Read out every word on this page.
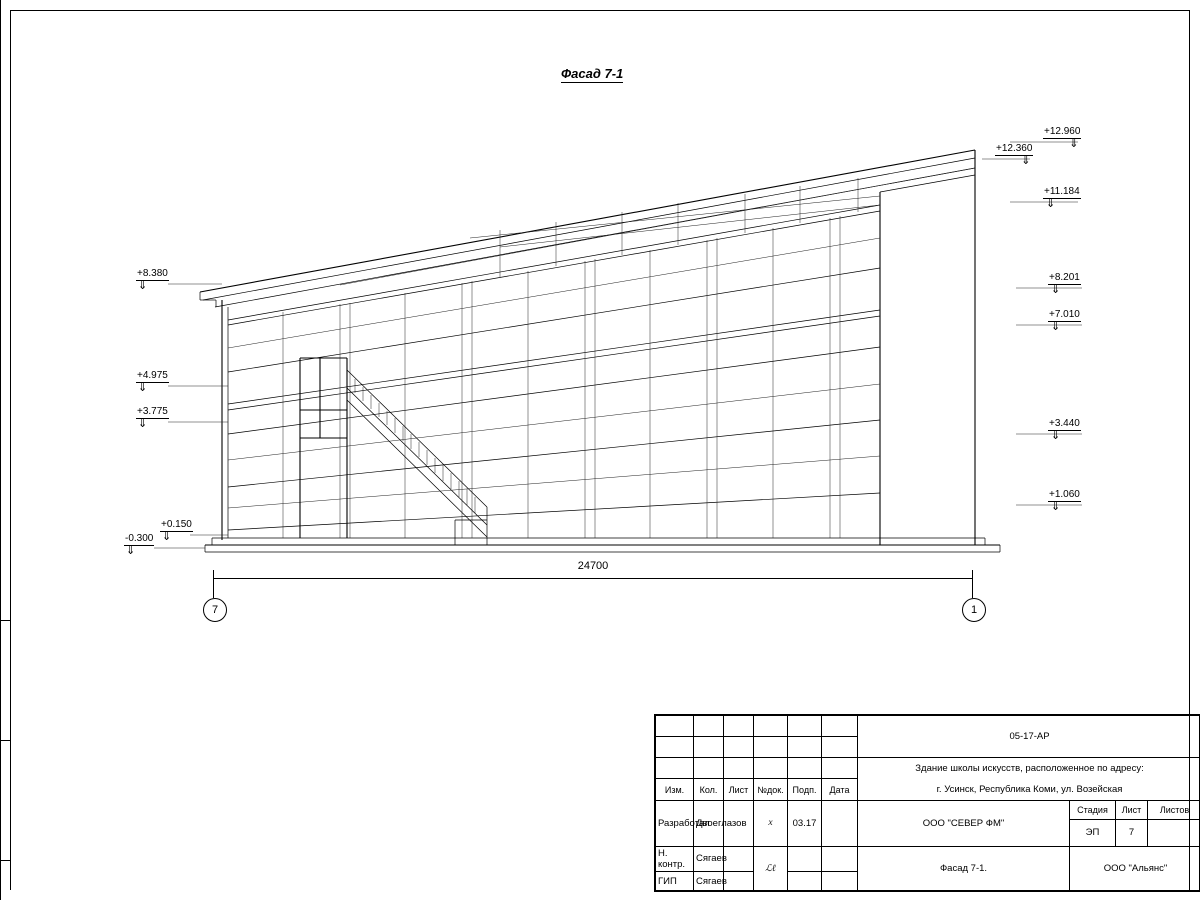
Фасад 7-1
+8.380
⇓
+4.975
⇓
+3.775
⇓
+0.150
⇓
-0.300
⇓
+12.960
⇓
+12.360
⇓
+11.184
⇓
+8.201
⇓
+7.010
⇓
+3.440
⇓
+1.060
⇓
24700
7	1
						05-17-АР			

						Здание школы искусств, расположенное по адресу:			
Изм.	Кол.	Лист	№док.	Подп.	Дата	г. Усинск, Республика Коми, ул. Возейская			
Разработал	Двоеглазов		x	03.17		ООО "СЕВЕР ФМ"	Стадия	Лист	Листов
							ЭП	7	
Н. контр.	Сягаев		ℒℓ			Фасад 7-1.	ООО "Альянс"		
ГИП	Сягаев								
